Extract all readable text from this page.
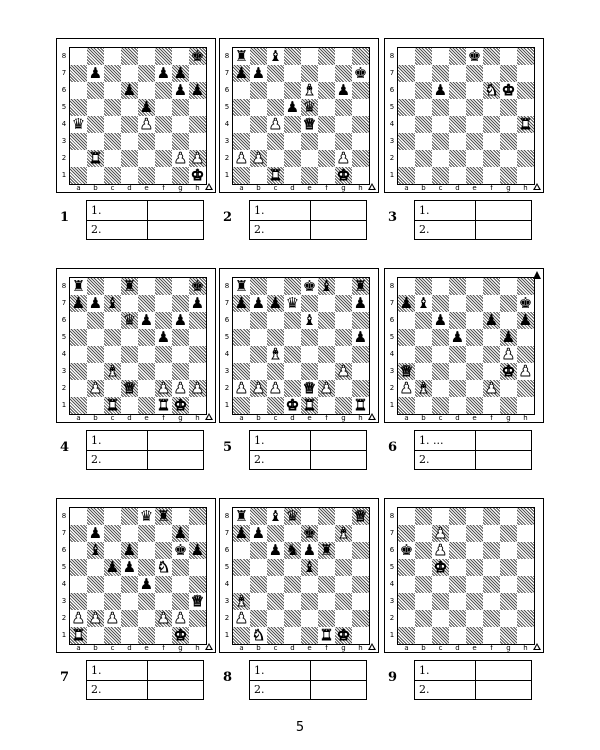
♚
♟	♟ ♟
♟	♟ ♟
♟
♛	♟
♜	♟ ♟
♚
8
7
6
5
4
3
2
1
a	b	c	d	e	f	g	h
1 1.
2.
♜ ♝
♟ ♟	♚
♝ ♟
♟ ♛
♟ ♛
♟ ♟	♟
♜	♚
8
7
6
5
4
3
2
1
a	b	c	d	e	f	g	h
2 1.
2.
♚
♟	♞ ♚
♜
8
7
6
5
4
3
2
1
a	b	c	d	e	f	g	h
3 1.
2.
♜	♜	♚
♟ ♟ ♝	♟
♛ ♟ ♟
♟
♝
♟ ♛ ♟ ♟ ♟
♜	♜ ♚
8
7
6
5
4
3
2
1
a	b	c	d	e	f	g	h
4 1.
2.
♜	♚ ♝ ♜
♟ ♟ ♟ ♛	♟
♝
♟
♝
♟
♟ ♟ ♟ ♛ ♟
♚ ♜	♜
8
7
6
5
4
3
2
1
a	b	c	d	e	f	g	h
5 1.
2.
♟ ♝	♚
♟	♟ ♟
♟	♟
♟
♛	♚ ♟
♟ ♝	♟
8
7
6
5
4
3
2
1
a	b	c	d	e	f	g	h
6 1. ...
2.
♛ ♜
♟	♟
♝ ♟	♚ ♟
♟ ♟ ♞
♟
♛
♟ ♟ ♟	♟ ♟
♜	♚
8
7
6
5
4
3
2
1
a	b	c	d	e	f	g	h
7 1.
2.
♜ ♝ ♛	♛
♟ ♟	♚ ♝
♟ ♞ ♟ ♜
♝
♝
♟
♞	♜ ♚
8
7
6
5
4
3
2
1
a	b	c	d	e	f	g	h
8 1.
2.
♟
♚ ♟
♚
8
7
6
5
4
3
2
1
a	b	c	d	e	f	g	h
9 1.
2.
5
